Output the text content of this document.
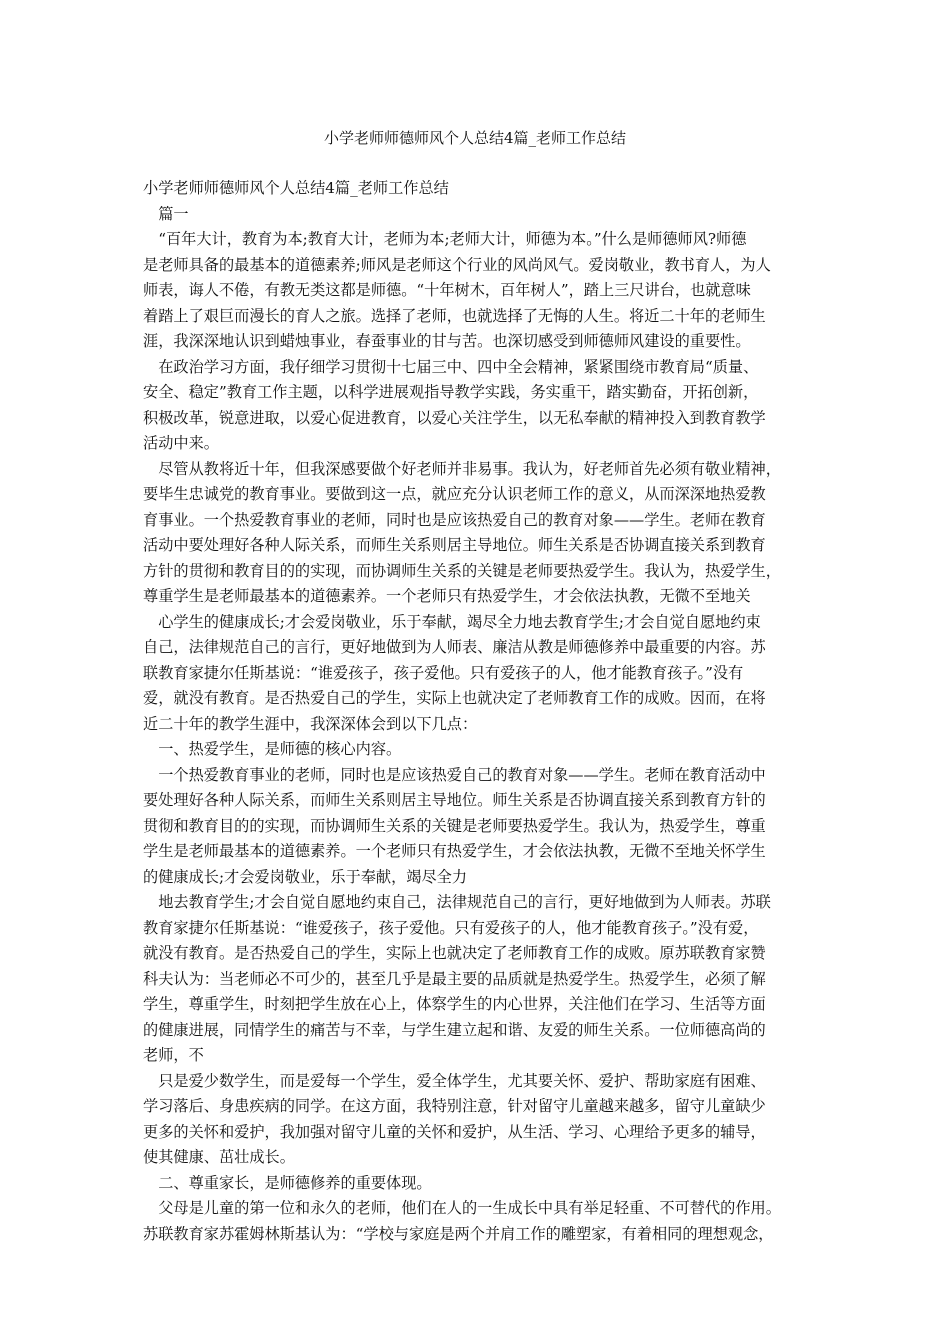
小学老师师德师风个人总结4篇_老师工作总结
小学老师师德师风个人总结4篇_老师工作总结
　篇一
　“百年大计，教育为本;教育大计，老师为本;老师大计，师德为本。”什么是师德师风?师德
是老师具备的最基本的道德素养;师风是老师这个行业的风尚风气。爱岗敬业，教书育人，为人
师表，诲人不倦，有教无类这都是师德。“十年树木，百年树人”，踏上三尺讲台，也就意味
着踏上了艰巨而漫长的育人之旅。选择了老师，也就选择了无悔的人生。将近二十年的老师生
涯，我深深地认识到蜡烛事业，春蚕事业的甘与苦。也深切感受到师德师风建设的重要性。
　在政治学习方面，我仔细学习贯彻十七届三中、四中全会精神，紧紧围绕市教育局“质量、
安全、稳定”教育工作主题，以科学进展观指导教学实践，务实重干，踏实勤奋，开拓创新，
积极改革，锐意进取，以爱心促进教育，以爱心关注学生，以无私奉献的精神投入到教育教学
活动中来。
　尽管从教将近十年，但我深感要做个好老师并非易事。我认为，好老师首先必须有敬业精神，
要毕生忠诚党的教育事业。要做到这一点，就应充分认识老师工作的意义，从而深深地热爱教
育事业。一个热爱教育事业的老师，同时也是应该热爱自己的教育对象——学生。老师在教育
活动中要处理好各种人际关系，而师生关系则居主导地位。师生关系是否协调直接关系到教育
方针的贯彻和教育目的的实现，而协调师生关系的关键是老师要热爱学生。我认为，热爱学生，
尊重学生是老师最基本的道德素养。一个老师只有热爱学生，才会依法执教，无微不至地关
　心学生的健康成长;才会爱岗敬业，乐于奉献，竭尽全力地去教育学生;才会自觉自愿地约束
自己，法律规范自己的言行，更好地做到为人师表、廉洁从教是师德修养中最重要的内容。苏
联教育家捷尔任斯基说：“谁爱孩子，孩子爱他。只有爱孩子的人，他才能教育孩子。”没有
爱，就没有教育。是否热爱自己的学生，实际上也就决定了老师教育工作的成败。因而，在将
近二十年的教学生涯中，我深深体会到以下几点：
　一、热爱学生，是师德的核心内容。
　一个热爱教育事业的老师，同时也是应该热爱自己的教育对象——学生。老师在教育活动中
要处理好各种人际关系，而师生关系则居主导地位。师生关系是否协调直接关系到教育方针的
贯彻和教育目的的实现，而协调师生关系的关键是老师要热爱学生。我认为，热爱学生，尊重
学生是老师最基本的道德素养。一个老师只有热爱学生，才会依法执教，无微不至地关怀学生
的健康成长;才会爱岗敬业，乐于奉献，竭尽全力
　地去教育学生;才会自觉自愿地约束自己，法律规范自己的言行，更好地做到为人师表。苏联
教育家捷尔任斯基说：“谁爱孩子，孩子爱他。只有爱孩子的人，他才能教育孩子。”没有爱，
就没有教育。是否热爱自己的学生，实际上也就决定了老师教育工作的成败。原苏联教育家赞
科夫认为：当老师必不可少的，甚至几乎是最主要的品质就是热爱学生。热爱学生，必须了解
学生，尊重学生，时刻把学生放在心上，体察学生的内心世界，关注他们在学习、生活等方面
的健康进展，同情学生的痛苦与不幸，与学生建立起和谐、友爱的师生关系。一位师德高尚的
老师，不
　只是爱少数学生，而是爱每一个学生，爱全体学生，尤其要关怀、爱护、帮助家庭有困难、
学习落后、身患疾病的同学。在这方面，我特别注意，针对留守儿童越来越多，留守儿童缺少
更多的关怀和爱护，我加强对留守儿童的关怀和爱护，从生活、学习、心理给予更多的辅导，
使其健康、茁壮成长。
　二、尊重家长，是师德修养的重要体现。
　父母是儿童的第一位和永久的老师，他们在人的一生成长中具有举足轻重、不可替代的作用。
苏联教育家苏霍姆林斯基认为：“学校与家庭是两个并肩工作的雕塑家，有着相同的理想观念，
